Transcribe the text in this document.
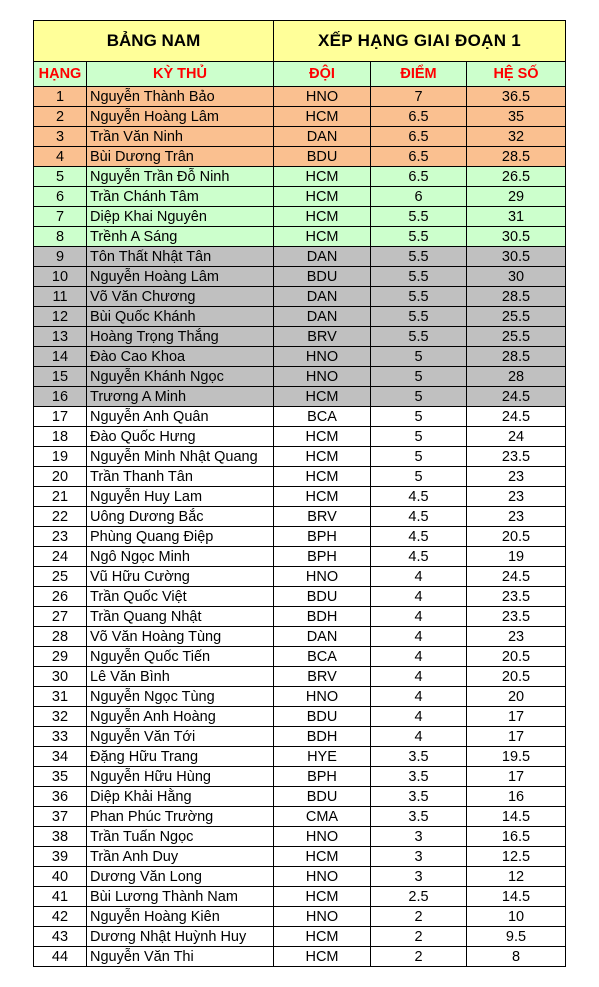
BẢNG NAM		XẾP HẠNG GIAI ĐOẠN 1		
HẠNG	KỲ THỦ	ĐỘI	ĐIỂM	HỆ SỐ
1	Nguyễn Thành Bảo	HNO	7	36.5
2	Nguyễn Hoàng Lâm	HCM	6.5	35
3	Trần Văn Ninh	DAN	6.5	32
4	Bùi Dương Trân	BDU	6.5	28.5
5	Nguyễn Trần Đỗ Ninh	HCM	6.5	26.5
6	Trần Chánh Tâm	HCM	6	29
7	Diệp Khai Nguyên	HCM	5.5	31
8	Trềnh A Sáng	HCM	5.5	30.5
9	Tôn Thất Nhật Tân	DAN	5.5	30.5
10	Nguyễn Hoàng Lâm	BDU	5.5	30
11	Võ Văn Chương	DAN	5.5	28.5
12	Bùi Quốc Khánh	DAN	5.5	25.5
13	Hoàng Trọng Thắng	BRV	5.5	25.5
14	Đào Cao Khoa	HNO	5	28.5
15	Nguyễn Khánh Ngọc	HNO	5	28
16	Trương A Minh	HCM	5	24.5
17	Nguyễn Anh Quân	BCA	5	24.5
18	Đào Quốc Hưng	HCM	5	24
19	Nguyễn Minh Nhật Quang	HCM	5	23.5
20	Trần Thanh Tân	HCM	5	23
21	Nguyễn Huy Lam	HCM	4.5	23
22	Uông Dương Bắc	BRV	4.5	23
23	Phùng Quang Điệp	BPH	4.5	20.5
24	Ngô Ngọc Minh	BPH	4.5	19
25	Vũ Hữu Cường	HNO	4	24.5
26	Trần Quốc Việt	BDU	4	23.5
27	Trần Quang Nhật	BDH	4	23.5
28	Võ Văn Hoàng Tùng	DAN	4	23
29	Nguyễn Quốc Tiến	BCA	4	20.5
30	Lê Văn Bình	BRV	4	20.5
31	Nguyễn Ngọc Tùng	HNO	4	20
32	Nguyễn Anh Hoàng	BDU	4	17
33	Nguyễn Văn Tới	BDH	4	17
34	Đặng Hữu Trang	HYE	3.5	19.5
35	Nguyễn Hữu Hùng	BPH	3.5	17
36	Diệp Khải Hằng	BDU	3.5	16
37	Phan Phúc Trường	CMA	3.5	14.5
38	Trần Tuấn Ngọc	HNO	3	16.5
39	Trần Anh Duy	HCM	3	12.5
40	Dương Văn Long	HNO	3	12
41	Bùi Lương Thành Nam	HCM	2.5	14.5
42	Nguyễn Hoàng Kiên	HNO	2	10
43	Dương Nhật Huỳnh Huy	HCM	2	9.5
44	Nguyễn Văn Thi	HCM	2	8
